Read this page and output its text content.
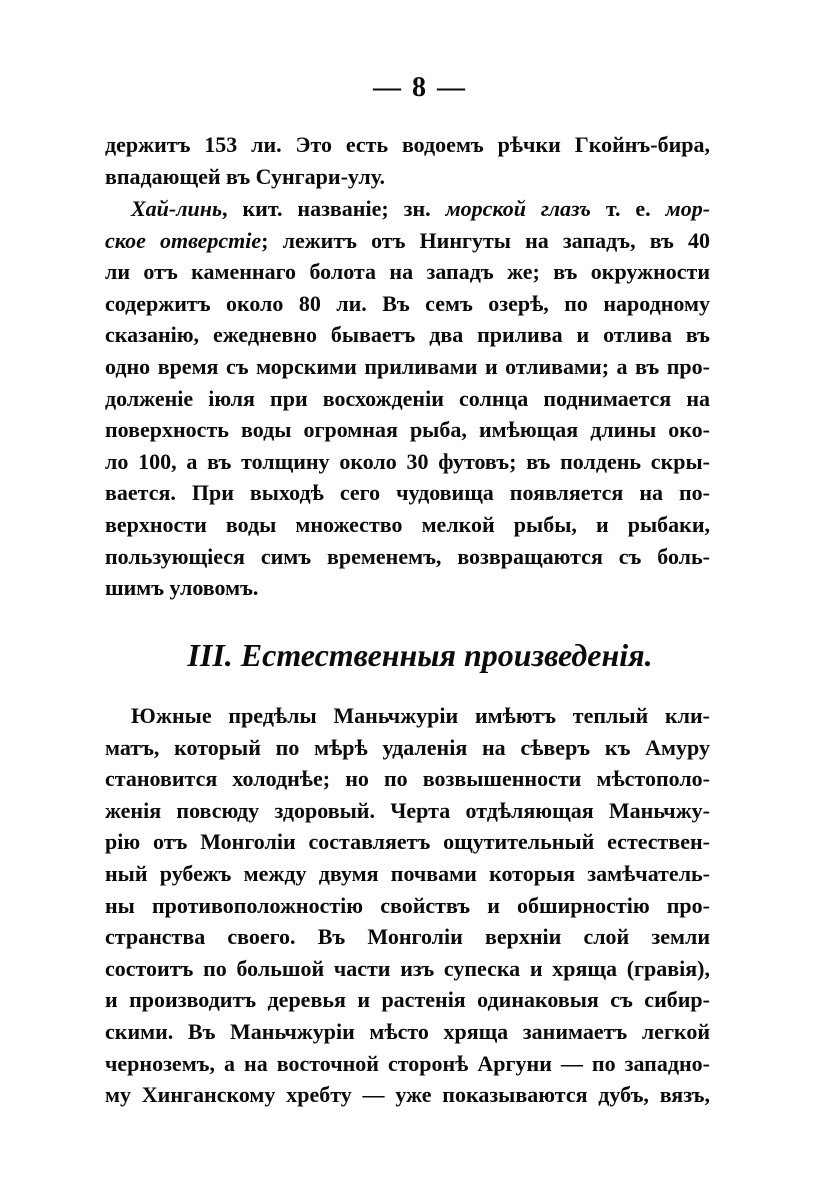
— 8 —
держитъ 153 ли. Это есть водоемъ рѣчки Гкойнъ-бира,
впадающей въ Сунгари-улу.
Хай-линь, кит. названіе; зн. морской глазъ т. е. мор-
ское отверстіе; лежитъ отъ Нингуты на западъ, въ 40
ли отъ каменнаго болота на западъ же; въ окружности
содержитъ около 80 ли. Въ семъ озерѣ, по народному
сказанію, ежедневно бываетъ два прилива и отлива въ
одно время съ морскими приливами и отливами; а въ про-
долженіе іюля при восхожденіи солнца поднимается на
поверхность воды огромная рыба, имѣющая длины око-
ло 100, а въ толщину около 30 футовъ; въ полдень скры-
вается. При выходѣ сего чудовища появляется на по-
верхности воды множество мелкой рыбы, и рыбаки,
пользующіеся симъ временемъ, возвращаются съ боль-
шимъ уловомъ.
III. Естественныя произведенія.
Южные предѣлы Маньчжуріи имѣютъ теплый кли-
матъ, который по мѣрѣ удаленія на сѣверъ къ Амуру
становится холоднѣе; но по возвышенности мѣстополо-
женія повсюду здоровый. Черта отдѣляющая Маньчжу-
рію отъ Монголіи составляетъ ощутительный естествен-
ный рубежъ между двумя почвами которыя замѣчатель-
ны противоположностію свойствъ и обширностію про-
странства своего. Въ Монголіи верхніи слой земли
состоитъ по большой части изъ супеска и хряща (гравія),
и производитъ деревья и растенія одинаковыя съ сибир-
скими. Въ Маньчжуріи мѣсто хряща занимаетъ легкой
черноземъ, а на восточной сторонѣ Аргуни — по западно-
му Хинганскому хребту — уже показываются дубъ, вязъ,
